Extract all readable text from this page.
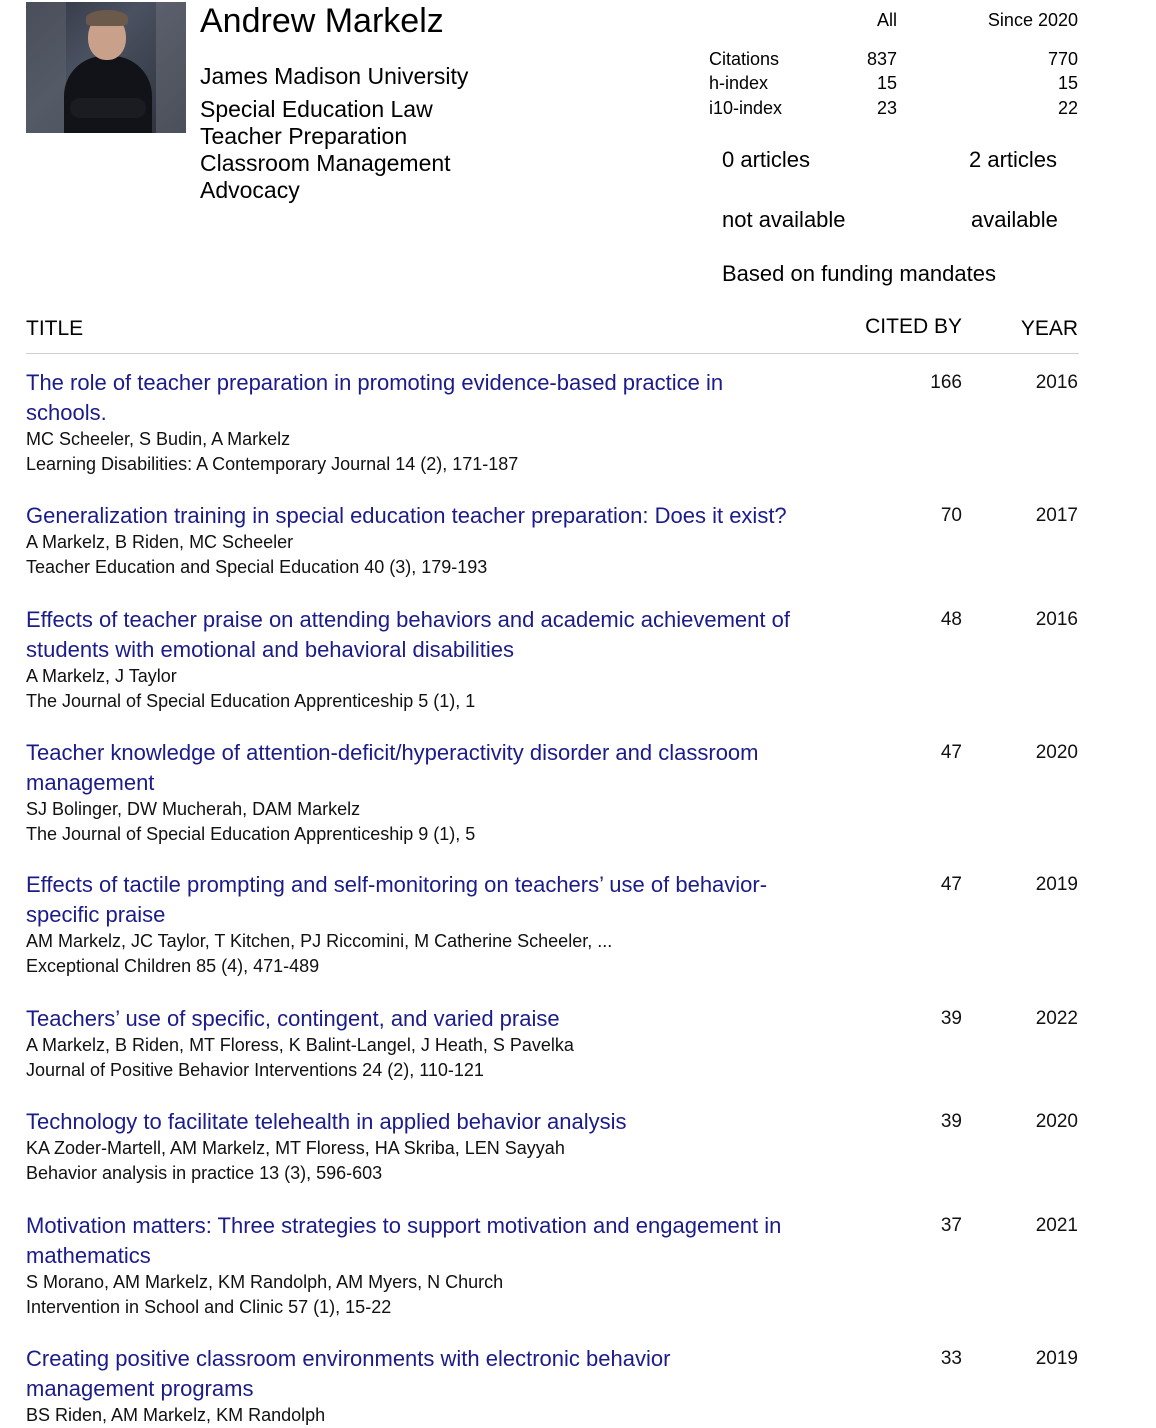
Andrew Markelz
James Madison University
Special Education Law
Teacher Preparation
Classroom Management
Advocacy
All	Since 2020
Citations	837	770
h-index	15	15
i10-index	23	22
0 articles	2 articles
not available	available
Based on funding mandates
TITLE	CITED BY	YEAR
The role of teacher preparation in promoting evidence-based practice in
schools.
MC Scheeler, S Budin, A Markelz
Learning Disabilities: A Contemporary Journal 14 (2), 171-187
166	2016
Generalization training in special education teacher preparation: Does it exist?
A Markelz, B Riden, MC Scheeler
Teacher Education and Special Education 40 (3), 179-193
70	2017
Effects of teacher praise on attending behaviors and academic achievement of
students with emotional and behavioral disabilities
A Markelz, J Taylor
The Journal of Special Education Apprenticeship 5 (1), 1
48	2016
Teacher knowledge of attention-deficit/hyperactivity disorder and classroom
management
SJ Bolinger, DW Mucherah, DAM Markelz
The Journal of Special Education Apprenticeship 9 (1), 5
47	2020
Effects of tactile prompting and self-monitoring on teachers’ use of behavior-
specific praise
AM Markelz, JC Taylor, T Kitchen, PJ Riccomini, M Catherine Scheeler, ...
Exceptional Children 85 (4), 471-489
47	2019
Teachers’ use of specific, contingent, and varied praise
A Markelz, B Riden, MT Floress, K Balint-Langel, J Heath, S Pavelka
Journal of Positive Behavior Interventions 24 (2), 110-121
39	2022
Technology to facilitate telehealth in applied behavior analysis
KA Zoder-Martell, AM Markelz, MT Floress, HA Skriba, LEN Sayyah
Behavior analysis in practice 13 (3), 596-603
39	2020
Motivation matters: Three strategies to support motivation and engagement in
mathematics
S Morano, AM Markelz, KM Randolph, AM Myers, N Church
Intervention in School and Clinic 57 (1), 15-22
37	2021
Creating positive classroom environments with electronic behavior
management programs
BS Riden, AM Markelz, KM Randolph
33	2019
